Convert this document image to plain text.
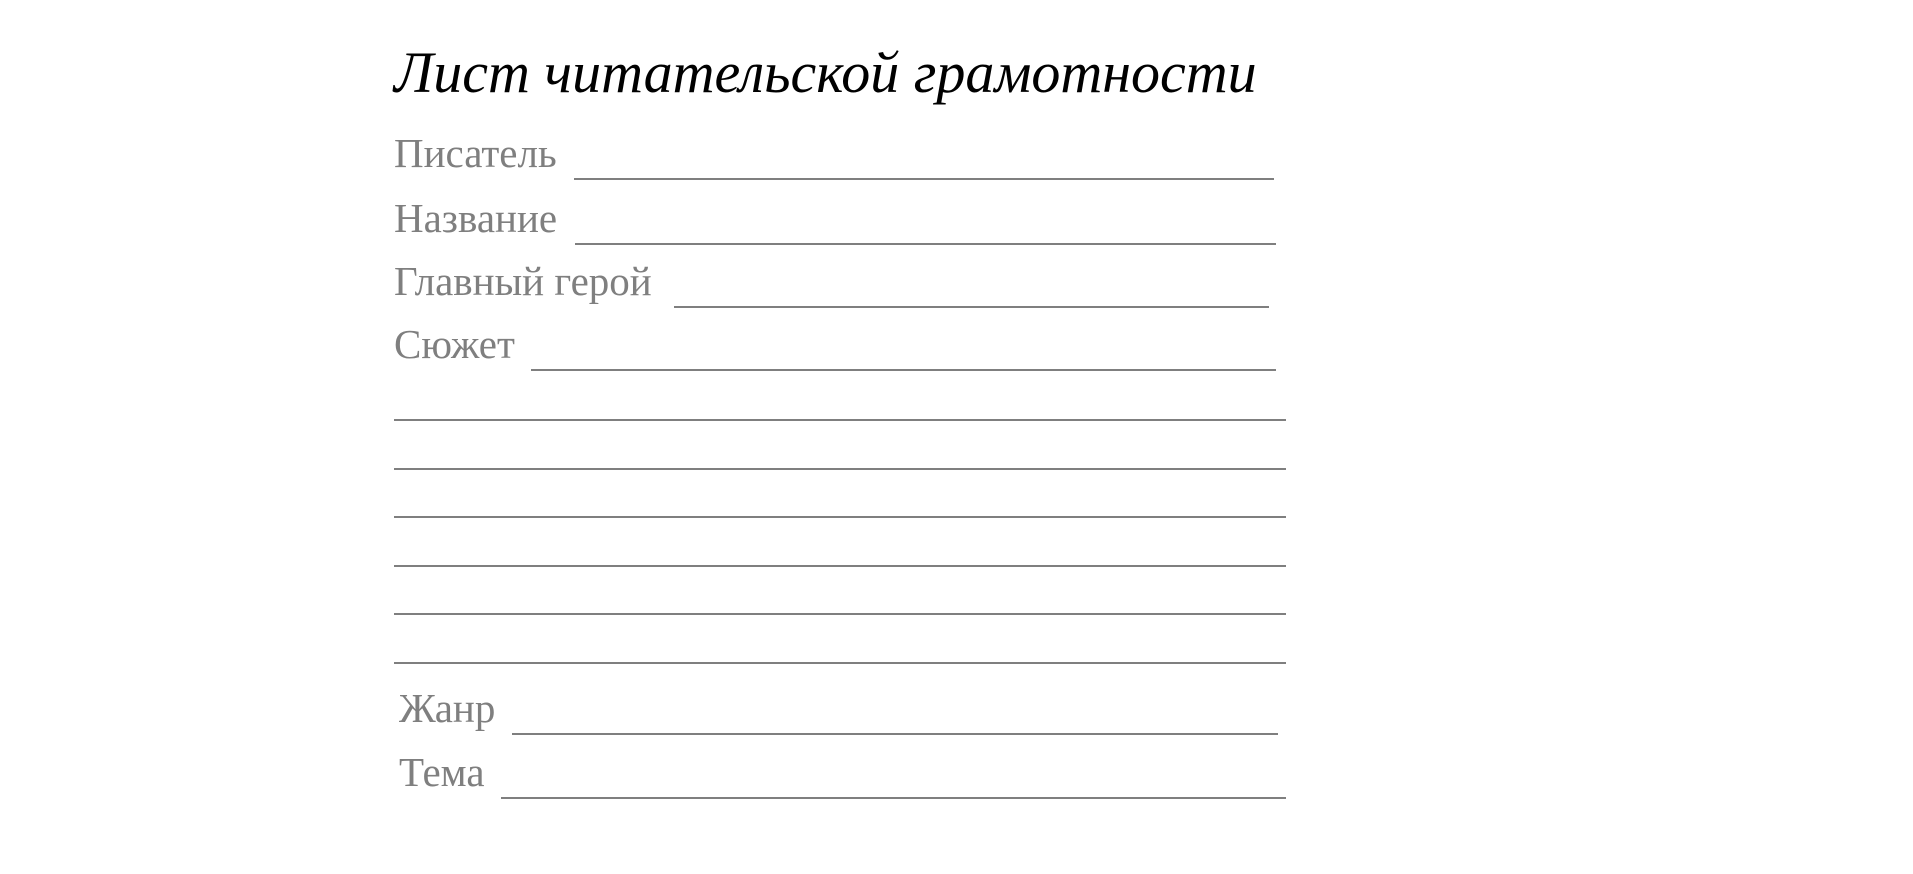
Лист читательской грамотности
Писатель
Название
Главный герой
Сюжет
Жанр
Тема
